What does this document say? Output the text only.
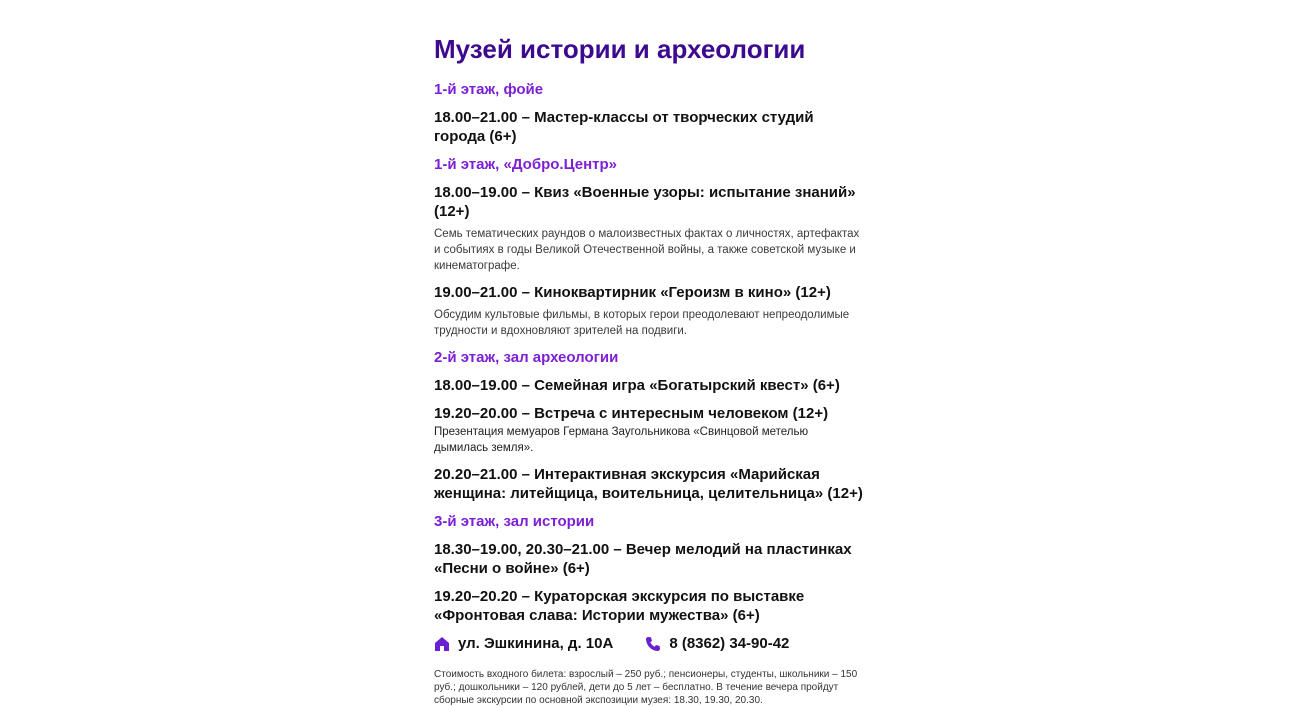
Музей истории и археологии
1-й этаж, фойе
18.00–21.00 – Мастер-классы от творческих студий города (6+)
1-й этаж, «Добро.Центр»
18.00–19.00 – Квиз «Военные узоры: испытание знаний» (12+)
Семь тематических раундов о малоизвестных фактах о личностях, артефактах и событиях в годы Великой Отечественной войны, а также советской музыке и кинематографе.
19.00–21.00 – Киноквартирник «Героизм в кино» (12+)
Обсудим культовые фильмы, в которых герои преодолевают непреодолимые трудности и вдохновляют зрителей на подвиги.
2-й этаж, зал археологии
18.00–19.00 – Семейная игра «Богатырский квест» (6+)
19.20–20.00 – Встреча с интересным человеком (12+)
Презентация мемуаров Германа Заугольникова «Свинцовой метелью дымилась земля».
20.20–21.00 – Интерактивная экскурсия «Марийская женщина: литейщица, воительница, целительница» (12+)
3-й этаж, зал истории
18.30–19.00, 20.30–21.00 – Вечер мелодий на пластинках «Песни о войне» (6+)
19.20–20.20 – Кураторская экскурсия по выставке «Фронтовая слава: Истории мужества» (6+)
ул. Эшкинина, д. 10А	8 (8362) 34-90-42
Стоимость входного билета: взрослый – 250 руб.; пенсионеры, студенты, школьники – 150 руб.; дошкольники – 120 рублей, дети до 5 лет – бесплатно. В течение вечера пройдут сборные экскурсии по основной экспозиции музея: 18.30, 19.30, 20.30.
